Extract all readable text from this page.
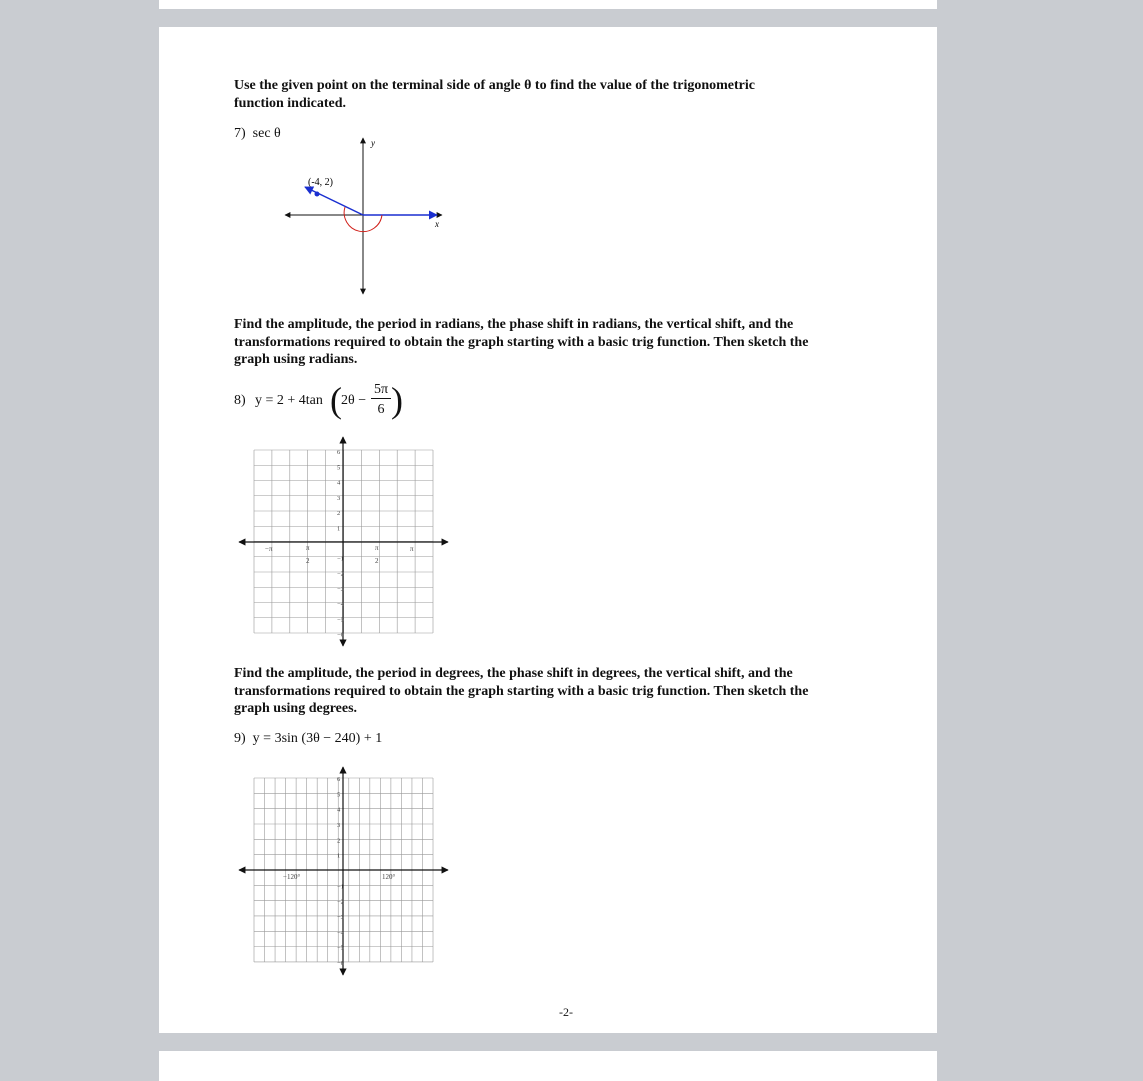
Use the given point on the terminal side of angle θ to find the value of the trigonometric
function indicated.
7) sec θ
(-4, 2)
y
x
Find the amplitude, the period in radians, the phase shift in radians, the vertical shift, and the
transformations required to obtain the graph starting with a basic trig function. Then sketch the
graph using radians.
8) y = 2 + 4tan ( $2\theta - \frac{5\pi}{6}$ )
−π	π
2
π
2
π
6
5
4
3
2
1
−1
−2
−3
−4
−5
−6
Find the amplitude, the period in degrees, the phase shift in degrees, the vertical shift, and the
transformations required to obtain the graph starting with a basic trig function. Then sketch the
graph using degrees.
9) y = 3sin (3θ − 240) + 1
−120°	120°
6
5
4
3
2
1
−1
−2
−3
−4
−5
−6
-2-
